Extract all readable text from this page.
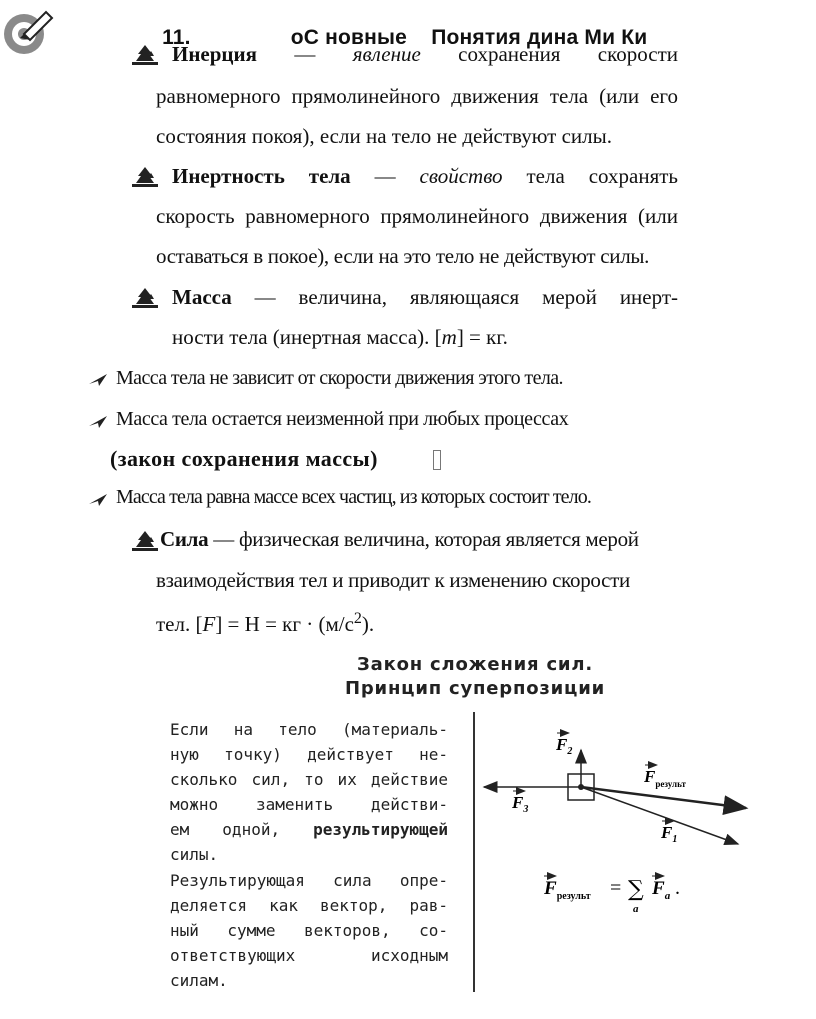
11.	оС новные    Понятия дина Ми Ки

Инерция — явление сохранения скорости
равномерного прямолинейного движения тела (или его
состояния покоя), если на тело не действуют силы.
Инертность тела — свойство тела сохранять
скорость равномерного прямолинейного движения (или
оставаться в покое), если на это тело не действуют силы.
Масса — величина, являющаяся мерой инерт-
ности тела (инертная масса). [m] = кг.
Масса тела не зависит от скорости движения этого тела.
Масса тела остается неизменной при любых процессах
(закон сохранения массы)
Масса тела равна массе всех частиц, из которых состоит тело.
Сила — физическая величина, которая является мерой
взаимодействия тел и приводит к изменению скорости
тел. [F] = Н = кг · $(м/с^2)$.
Закон сложения сил.
Принцип суперпозиции
Если на тело (материаль-
ную точку) действует не-
сколько сил, то их действие
можно заменить действи-
ем одной, результирующей
силы.
Результирующая сила опре-
деляется как вектор, рав-
ный сумме векторов, со-
ответствующих исходным
силам.
$F_2$
$F_3$
$F_{результ}$
$F_1$
$F_{результ}$ = ∑
a
$F_a$ .
